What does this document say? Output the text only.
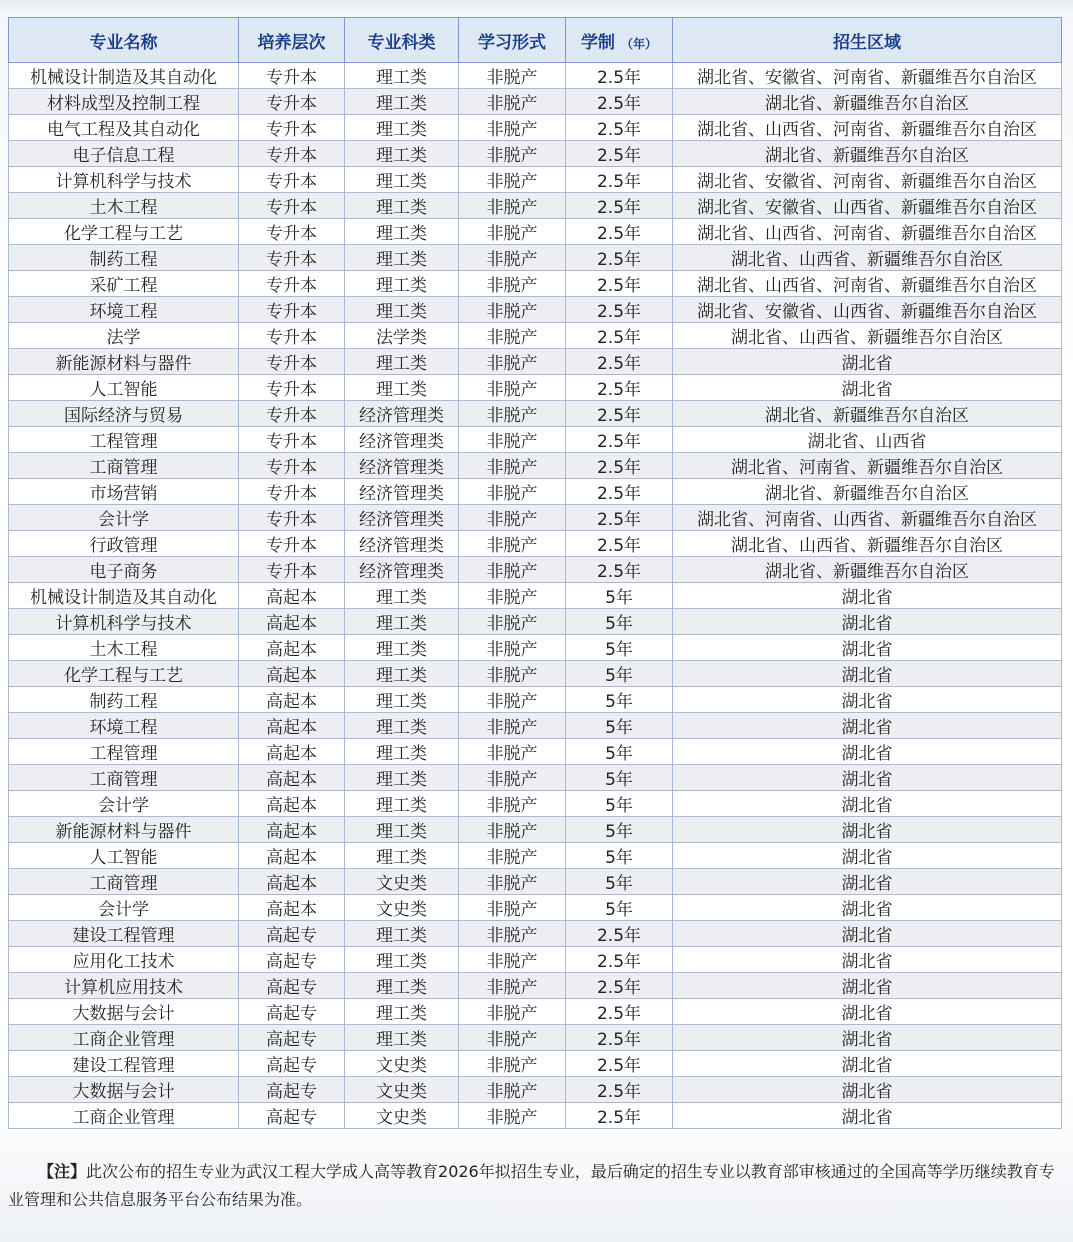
专业名称	培养层次	专业科类	学习形式	学制 （年）	招生区域
机械设计制造及其自动化	专升本	理工类	非脱产	2.5年	湖北省、安徽省、河南省、新疆维吾尔自治区
材料成型及控制工程	专升本	理工类	非脱产	2.5年	湖北省、新疆维吾尔自治区
电气工程及其自动化	专升本	理工类	非脱产	2.5年	湖北省、山西省、河南省、新疆维吾尔自治区
电子信息工程	专升本	理工类	非脱产	2.5年	湖北省、新疆维吾尔自治区
计算机科学与技术	专升本	理工类	非脱产	2.5年	湖北省、安徽省、河南省、新疆维吾尔自治区
土木工程	专升本	理工类	非脱产	2.5年	湖北省、安徽省、山西省、新疆维吾尔自治区
化学工程与工艺	专升本	理工类	非脱产	2.5年	湖北省、山西省、河南省、新疆维吾尔自治区
制药工程	专升本	理工类	非脱产	2.5年	湖北省、山西省、新疆维吾尔自治区
采矿工程	专升本	理工类	非脱产	2.5年	湖北省、山西省、河南省、新疆维吾尔自治区
环境工程	专升本	理工类	非脱产	2.5年	湖北省、安徽省、山西省、新疆维吾尔自治区
法学	专升本	法学类	非脱产	2.5年	湖北省、山西省、新疆维吾尔自治区
新能源材料与器件	专升本	理工类	非脱产	2.5年	湖北省
人工智能	专升本	理工类	非脱产	2.5年	湖北省
国际经济与贸易	专升本	经济管理类	非脱产	2.5年	湖北省、新疆维吾尔自治区
工程管理	专升本	经济管理类	非脱产	2.5年	湖北省、山西省
工商管理	专升本	经济管理类	非脱产	2.5年	湖北省、河南省、新疆维吾尔自治区
市场营销	专升本	经济管理类	非脱产	2.5年	湖北省、新疆维吾尔自治区
会计学	专升本	经济管理类	非脱产	2.5年	湖北省、河南省、山西省、新疆维吾尔自治区
行政管理	专升本	经济管理类	非脱产	2.5年	湖北省、山西省、新疆维吾尔自治区
电子商务	专升本	经济管理类	非脱产	2.5年	湖北省、新疆维吾尔自治区
机械设计制造及其自动化	高起本	理工类	非脱产	5年	湖北省
计算机科学与技术	高起本	理工类	非脱产	5年	湖北省
土木工程	高起本	理工类	非脱产	5年	湖北省
化学工程与工艺	高起本	理工类	非脱产	5年	湖北省
制药工程	高起本	理工类	非脱产	5年	湖北省
环境工程	高起本	理工类	非脱产	5年	湖北省
工程管理	高起本	理工类	非脱产	5年	湖北省
工商管理	高起本	理工类	非脱产	5年	湖北省
会计学	高起本	理工类	非脱产	5年	湖北省
新能源材料与器件	高起本	理工类	非脱产	5年	湖北省
人工智能	高起本	理工类	非脱产	5年	湖北省
工商管理	高起本	文史类	非脱产	5年	湖北省
会计学	高起本	文史类	非脱产	5年	湖北省
建设工程管理	高起专	理工类	非脱产	2.5年	湖北省
应用化工技术	高起专	理工类	非脱产	2.5年	湖北省
计算机应用技术	高起专	理工类	非脱产	2.5年	湖北省
大数据与会计	高起专	理工类	非脱产	2.5年	湖北省
工商企业管理	高起专	理工类	非脱产	2.5年	湖北省
建设工程管理	高起专	文史类	非脱产	2.5年	湖北省
大数据与会计	高起专	文史类	非脱产	2.5年	湖北省
工商企业管理	高起专	文史类	非脱产	2.5年	湖北省
【注】此次公布的招生专业为武汉工程大学成人高等教育2026年拟招生专业，最后确定的招生专业以教育部审核通过的全国高等学历继续教育专业管理和公共信息服务平台公布结果为准。
